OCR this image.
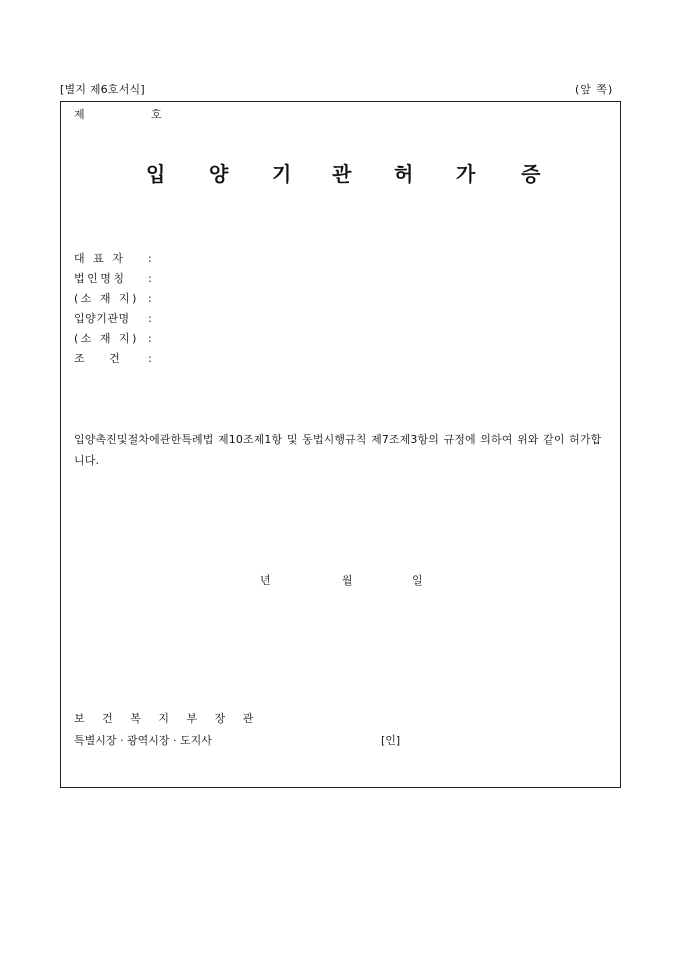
[별지 제6호서식]	(앞 쪽)
제	호
입 양 기 관 허 가 증
대 표 자 :
법인명칭 :
(소 재 지) :
입양기관명 :
(소 재 지) :
조       건	:
입양촉진및절차에관한특례법 제10조제1항 및 동법시행규칙 제7조제3항의 규정에 의하여 위와 같이 허가합니다.
년	월	일
보 건 복 지 부 장 관
특별시장 · 광역시장 · 도지사	[인]
